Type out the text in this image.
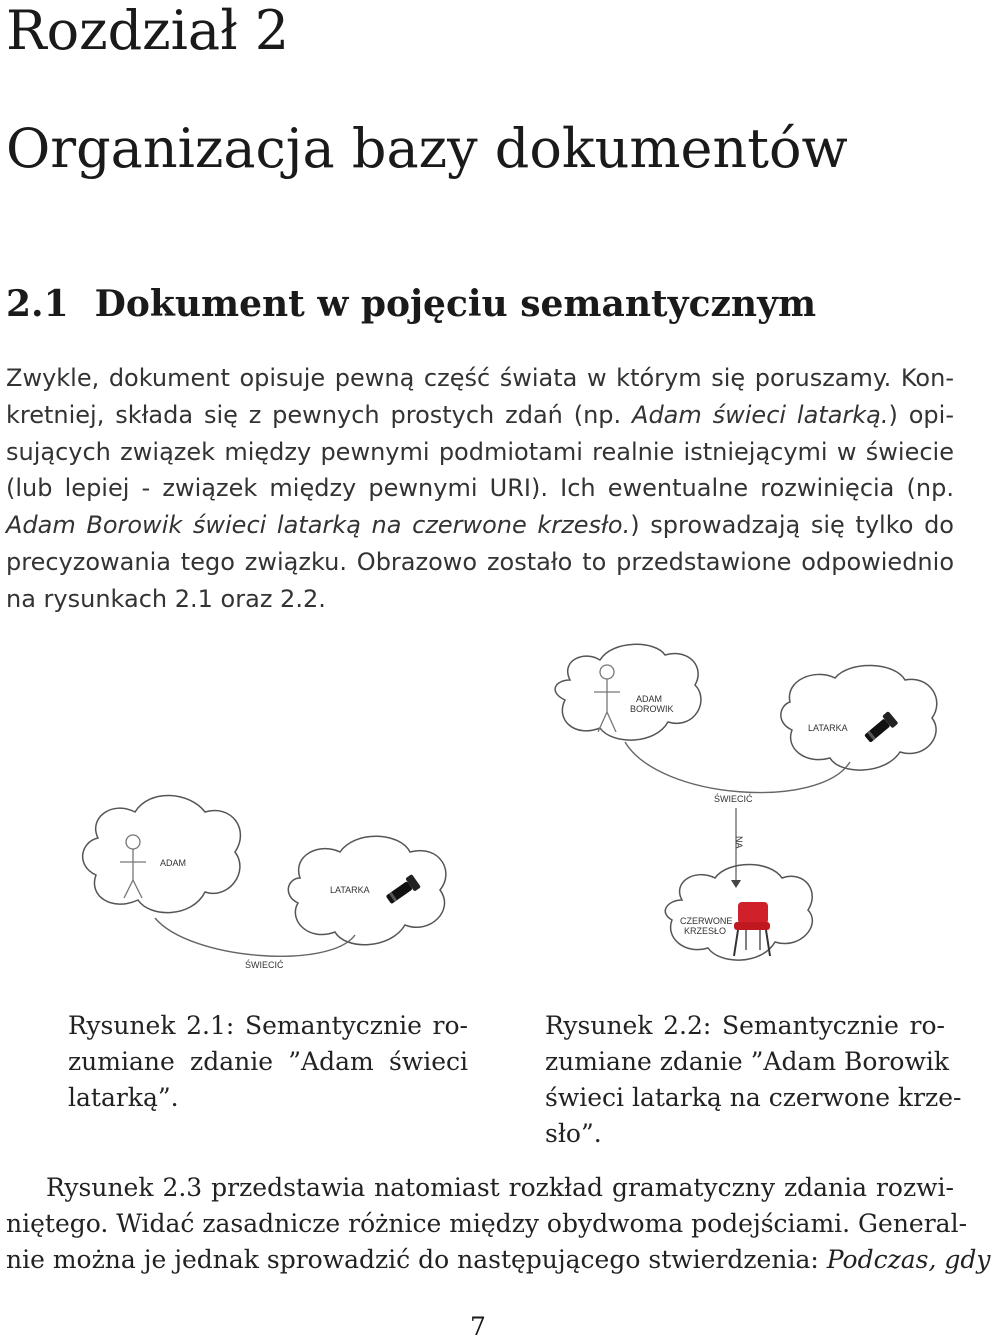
Rozdział 2
Organizacja bazy dokumentów
2.1 Dokument w pojęciu semantycznym
Zwykle, dokument opisuje pewną część świata w którym się poruszamy. Kon-
kretniej, składa się z pewnych prostych zdań (np. Adam świeci latarką.) opi-
sujących związek między pewnymi podmiotami realnie istniejącymi w świecie
(lub lepiej - związek między pewnymi URI). Ich ewentualne rozwinięcia (np.
Adam Borowik świeci latarką na czerwone krzesło.) sprowadzają się tylko do
precyzowania tego związku. Obrazowo zostało to przedstawione odpowiednio
na rysunkach 2.1 oraz 2.2.
ADAM
LATARKA
ŚWIECIĆ
ADAM
BOROWIK
LATARKA
ŚWIECIĆ
NA
CZERWONE
KRZESŁO
Rysunek 2.1: Semantycznie ro-
zumiane zdanie ”Adam świeci
latarką”.
Rysunek 2.2: Semantycznie ro-
zumiane zdanie ”Adam Borowik
świeci latarką na czerwone krze-
sło”.
Rysunek 2.3 przedstawia natomiast rozkład gramatyczny zdania rozwi-
niętego. Widać zasadnicze różnice między obydwoma podejściami. General-
nie można je jednak sprowadzić do następującego stwierdzenia: Podczas, gdy
7
